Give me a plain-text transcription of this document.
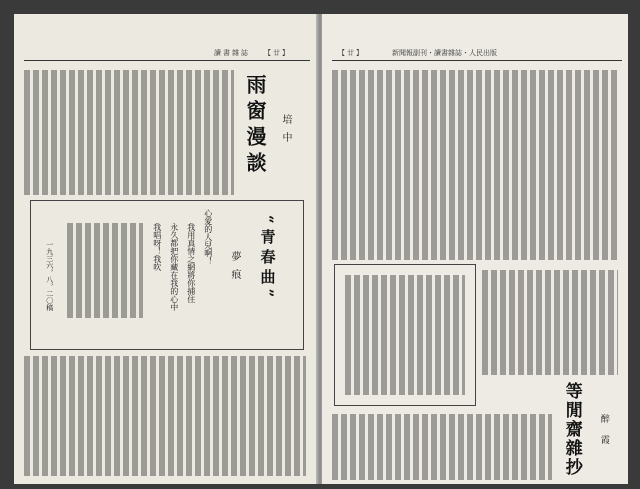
讀書雜誌 【廿】
雨窗漫談 培中
“青春曲”
夢痕
心愛的人兒啊！
我用真情之網將你捕住
永久都把你藏在我的心中
我唱呀！我吹
一九三六，八，二〇稿
【廿】	新聞報副刊・讀書雜誌・人民出版
等閒齋雜抄 醉霞
